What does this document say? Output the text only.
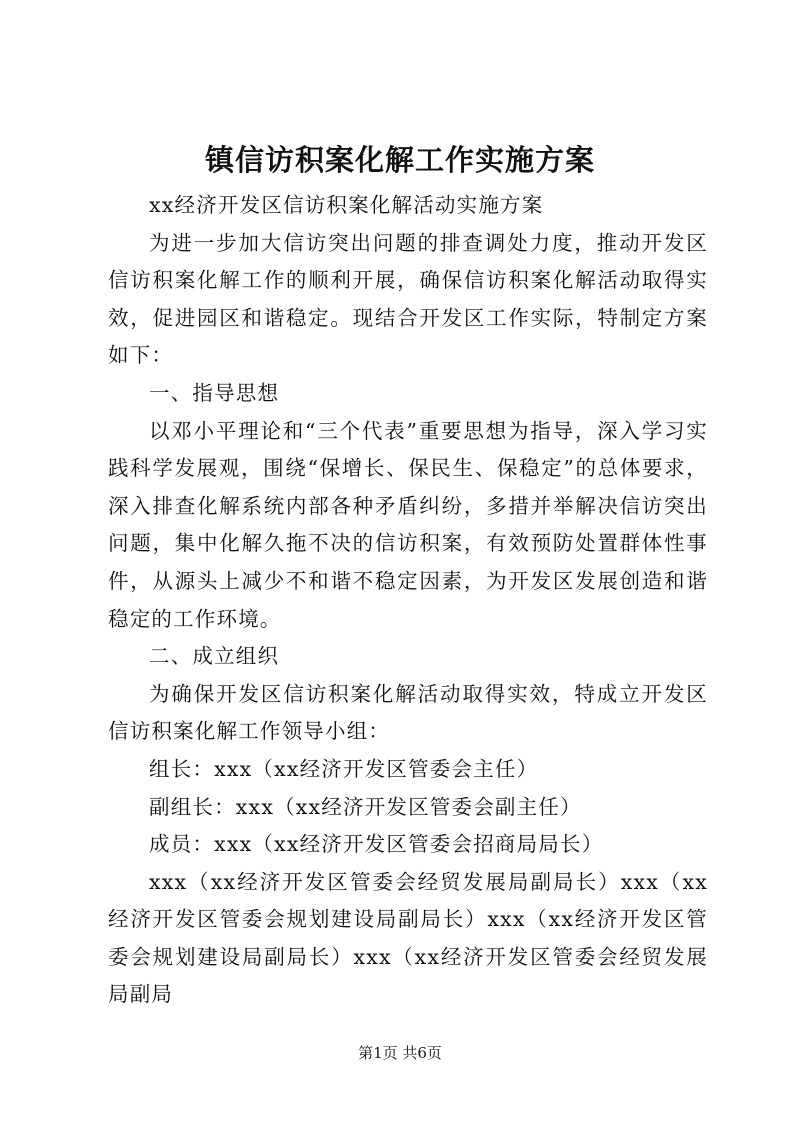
镇信访积案化解工作实施方案

xx经济开发区信访积案化解活动实施方案

为进一步加大信访突出问题的排查调处力度，推动开发区信访积案化解工作的顺利开展，确保信访积案化解活动取得实效，促进园区和谐稳定。现结合开发区工作实际，特制定方案如下：

一、指导思想

以邓小平理论和“三个代表”重要思想为指导，深入学习实践科学发展观，围绕“保增长、保民生、保稳定”的总体要求，深入排查化解系统内部各种矛盾纠纷，多措并举解决信访突出问题，集中化解久拖不决的信访积案，有效预防处置群体性事件，从源头上减少不和谐不稳定因素，为开发区发展创造和谐稳定的工作环境。

二、成立组织

为确保开发区信访积案化解活动取得实效，特成立开发区信访积案化解工作领导小组：

组长：xxx（xx经济开发区管委会主任）

副组长：xxx（xx经济开发区管委会副主任）

成员：xxx（xx经济开发区管委会招商局局长）

xxx（xx经济开发区管委会经贸发展局副局长）xxx（xx经济开发区管委会规划建设局副局长）xxx（xx经济开发区管委会规划建设局副局长）xxx（xx经济开发区管委会经贸发展局副局

第1页 共6页
